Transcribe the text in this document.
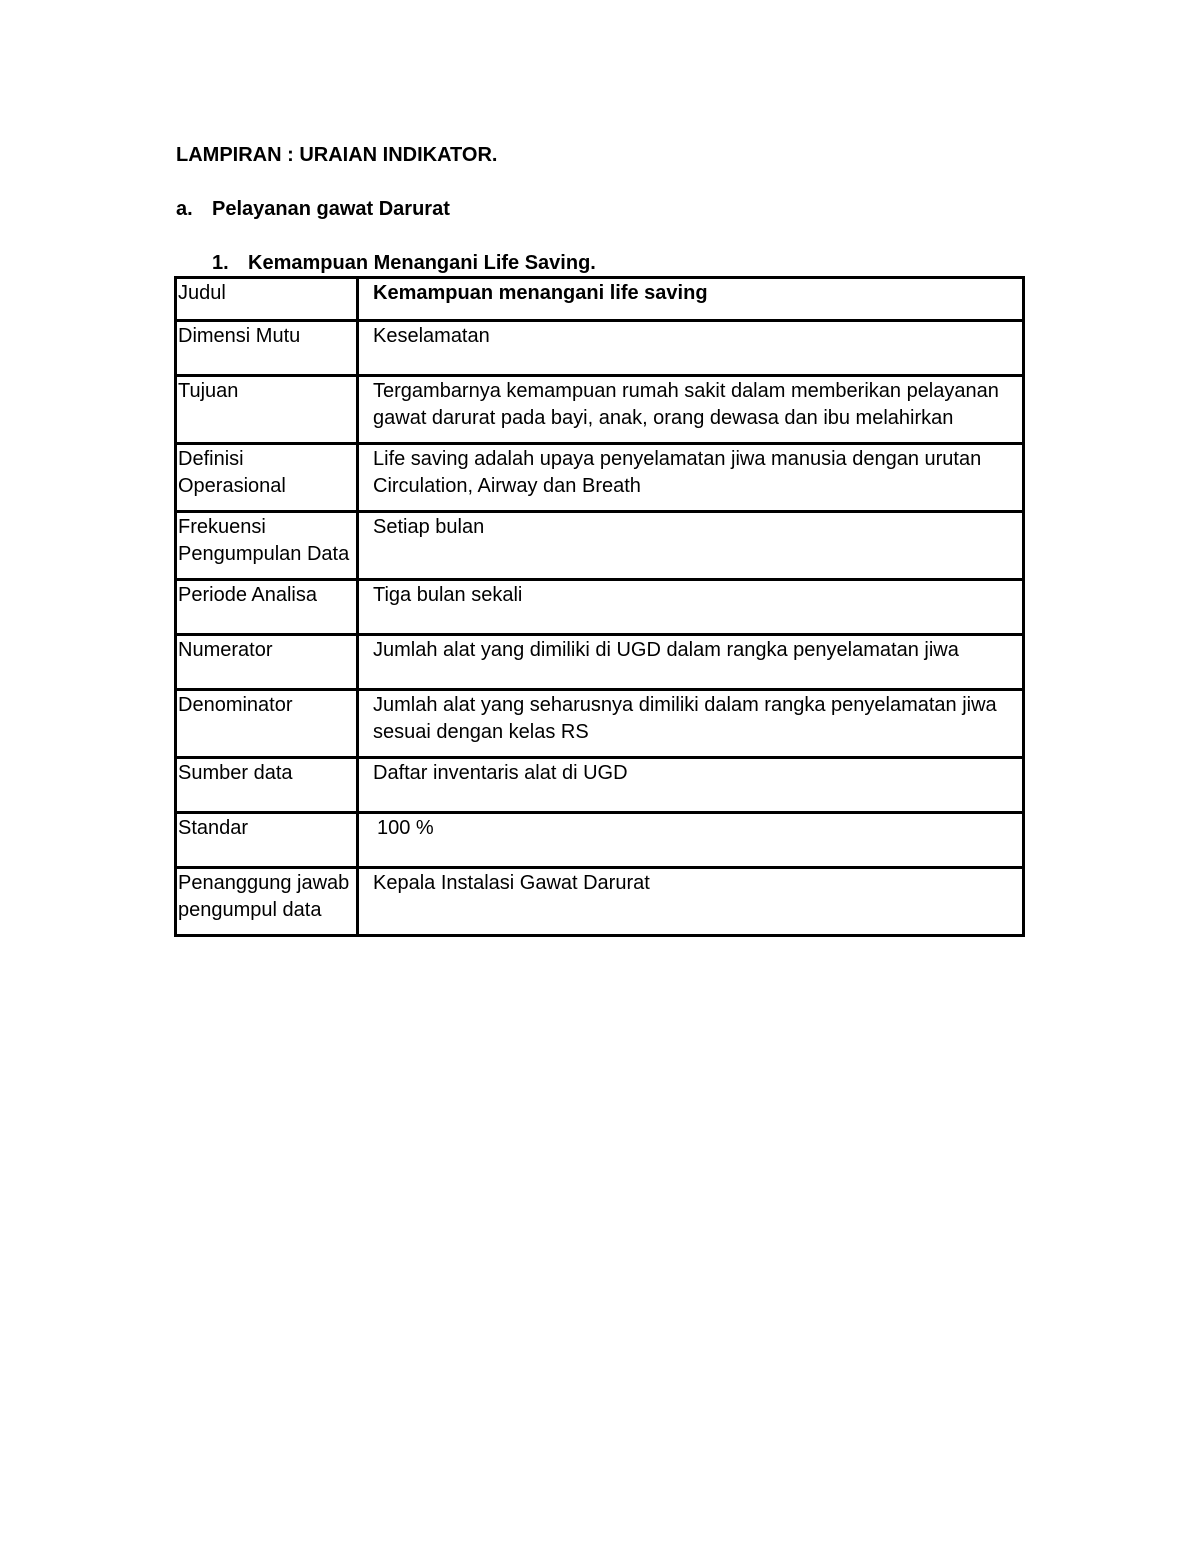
LAMPIRAN : URAIAN INDIKATOR.
a. Pelayanan gawat Darurat
1. Kemampuan Menangani Life Saving.
Judul	Kemampuan menangani life saving
Dimensi Mutu	Keselamatan
Tujuan	Tergambarnya kemampuan rumah sakit dalam memberikan pelayanan gawat darurat pada bayi, anak, orang dewasa dan ibu melahirkan
Definisi Operasional	Life saving adalah upaya penyelamatan jiwa manusia dengan urutan Circulation, Airway dan Breath
Frekuensi Pengumpulan Data	Setiap bulan
Periode Analisa	Tiga bulan sekali
Numerator	Jumlah alat yang dimiliki di UGD dalam rangka penyelamatan jiwa
Denominator	Jumlah alat yang seharusnya dimiliki dalam rangka penyelamatan jiwa sesuai dengan kelas RS
Sumber data	Daftar inventaris alat di UGD
Standar	100 %
Penanggung jawab pengumpul data	Kepala Instalasi Gawat Darurat
